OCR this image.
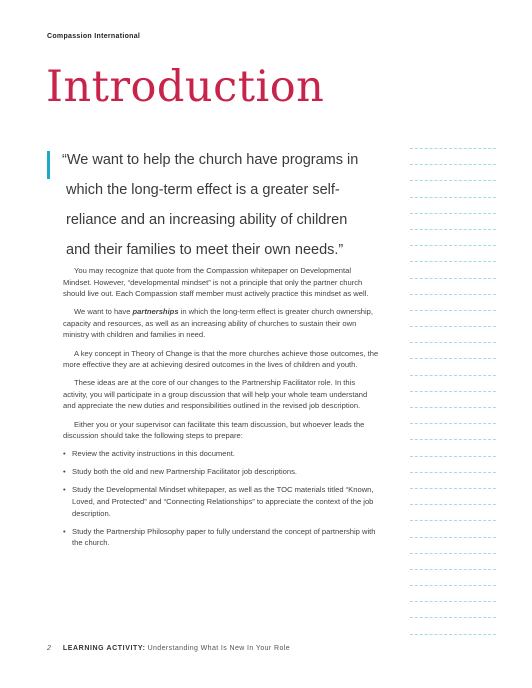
Compassion International
Introduction
“We want to help the church have programs in
which the long-term effect is a greater self-
reliance and an increasing ability of children
and their families to meet their own needs.”

You may recognize that quote from the Compassion whitepaper on Developmental Mindset. However, “developmental mindset” is not a principle that only the partner church should live out. Each Compassion staff member must actively practice this mindset as well.

We want to have partnerships in which the long-term effect is greater church ownership, capacity and resources, as well as an increasing ability of churches to sustain their own ministry with children and families in need.

A key concept in Theory of Change is that the more churches achieve those outcomes, the more effective they are at achieving desired outcomes in the lives of children and youth.

These ideas are at the core of our changes to the Partnership Facilitator role. In this activity, you will participate in a group discussion that will help your whole team understand and appreciate the new duties and responsibilities outlined in the revised job description.

Either you or your supervisor can facilitate this team discussion, but whoever leads the discussion should take the following steps to prepare:

• Review the activity instructions in this document.
• Study both the old and new Partnership Facilitator job descriptions.
• Study the Developmental Mindset whitepaper, as well as the TOC materials titled “Known, Loved, and Protected” and “Connecting Relationships” to appreciate the context of the job description.
• Study the Partnership Philosophy paper to fully understand the concept of partnership with the church.
2 LEARNING ACTIVITY: Understanding What Is New In Your Role
